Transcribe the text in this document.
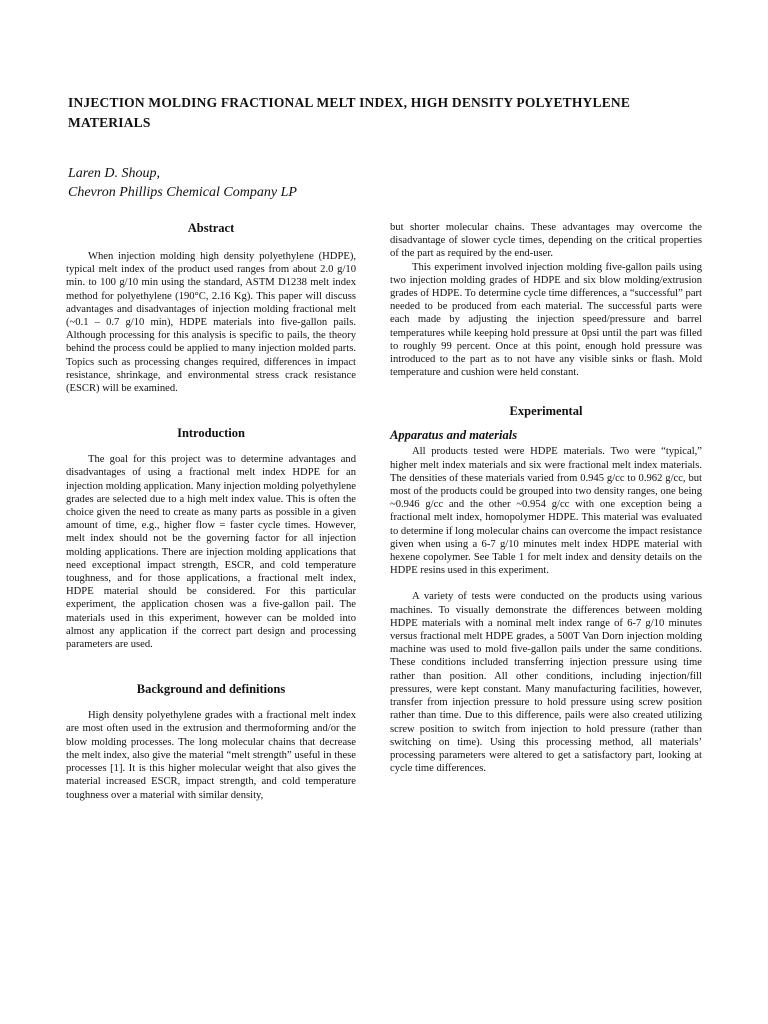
INJECTION MOLDING FRACTIONAL MELT INDEX, HIGH DENSITY POLYETHYLENE MATERIALS
Laren D. Shoup,
Chevron Phillips Chemical Company LP
Abstract

When injection molding high density polyethylene (HDPE), typical melt index of the product used ranges from about 2.0 g/10 min. to 100 g/10 min using the standard, ASTM D1238 melt index method for polyethylene (190°C, 2.16 Kg). This paper will discuss advantages and disadvantages of injection molding fractional melt (~0.1 – 0.7 g/10 min), HDPE materials into five-gallon pails. Although processing for this analysis is specific to pails, the theory behind the process could be applied to many injection molded parts. Topics such as processing changes required, differences in impact resistance, shrinkage, and environmental stress crack resistance (ESCR) will be examined.

Introduction

The goal for this project was to determine advantages and disadvantages of using a fractional melt index HDPE for an injection molding application. Many injection molding polyethylene grades are selected due to a high melt index value. This is often the choice given the need to create as many parts as possible in a given amount of time, e.g., higher flow = faster cycle times. However, melt index should not be the governing factor for all injection molding applications. There are injection molding applications that need exceptional impact strength, ESCR, and cold temperature toughness, and for those applications, a fractional melt index, HDPE material should be considered. For this particular experiment, the application chosen was a five-gallon pail. The materials used in this experiment, however can be molded into almost any application if the correct part design and processing parameters are used.

Background and definitions

High density polyethylene grades with a fractional melt index are most often used in the extrusion and thermoforming and/or the blow molding processes. The long molecular chains that decrease the melt index, also give the material “melt strength” useful in these processes [1]. It is this higher molecular weight that also gives the material increased ESCR, impact strength, and cold temperature toughness over a material with similar density,

but shorter molecular chains. These advantages may overcome the disadvantage of slower cycle times, depending on the critical properties of the part as required by the end-user.

This experiment involved injection molding five-gallon pails using two injection molding grades of HDPE and six blow molding/extrusion grades of HDPE. To determine cycle time differences, a “successful” part needed to be produced from each material. The successful parts were each made by adjusting the injection speed/pressure and barrel temperatures while keeping hold pressure at 0psi until the part was filled to roughly 99 percent. Once at this point, enough hold pressure was introduced to the part as to not have any visible sinks or flash. Mold temperature and cushion were held constant.

Experimental
Apparatus and materials

All products tested were HDPE materials. Two were “typical,” higher melt index materials and six were fractional melt index materials. The densities of these materials varied from 0.945 g/cc to 0.962 g/cc, but most of the products could be grouped into two density ranges, one being ~0.946 g/cc and the other ~0.954 g/cc with one exception being a fractional melt index, homopolymer HDPE. This material was evaluated to determine if long molecular chains can overcome the impact resistance given when using a 6-7 g/10 minutes melt index HDPE material with hexene copolymer. See Table 1 for melt index and density details on the HDPE resins used in this experiment.

A variety of tests were conducted on the products using various machines. To visually demonstrate the differences between molding HDPE materials with a nominal melt index range of 6-7 g/10 minutes versus fractional melt HDPE grades, a 500T Van Dorn injection molding machine was used to mold five-gallon pails under the same conditions. These conditions included transferring injection pressure using time rather than position. All other conditions, including injection/fill pressures, were kept constant. Many manufacturing facilities, however, transfer from injection pressure to hold pressure using screw position rather than time. Due to this difference, pails were also created utilizing screw position to switch from injection to hold pressure (rather than switching on time). Using this processing method, all materials’ processing parameters were altered to get a satisfactory part, looking at cycle time differences.
